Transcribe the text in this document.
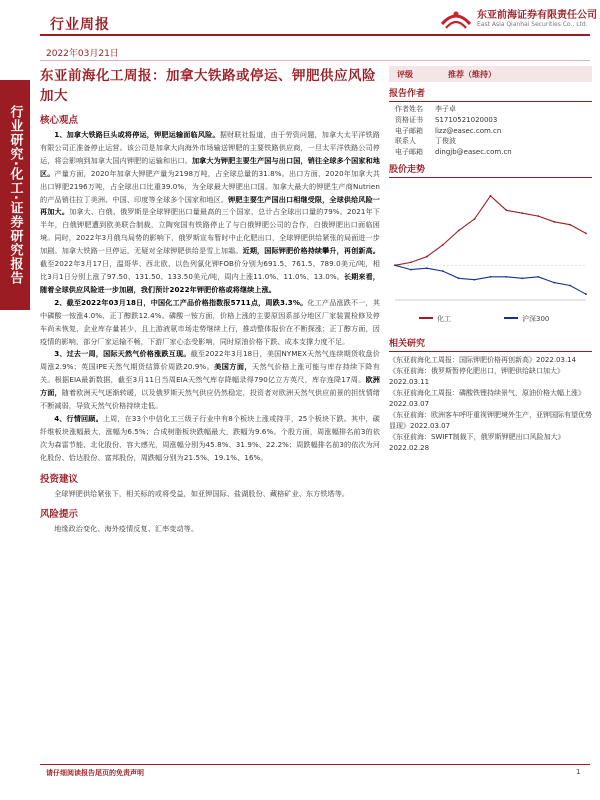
行业研究·化工·证券研究报告
行业周报
东亚前海证券有限责任公司
East Asia Qianhai Securities Co., Ltd.
2022年03月21日
东亚前海化工周报：加拿大铁路或停运、钾肥供应风险加大
核心观点

1、加拿大铁路巨头或将停运，钾肥运输面临风险。据财联社报道，由于劳资问题，加拿大太平洋铁路有限公司正准备停止运营。该公司是加拿大向海外市场输送钾肥的主要铁路供应商，一旦太平洋铁路公司停运，将会影响到加拿大国内钾肥的运输和出口。加拿大为钾肥主要生产国与出口国，销往全球多个国家和地区。产量方面，2020年加拿大钾肥产量为2198万吨，占全球总量的31.8%。出口方面，2020年加拿大共出口钾肥2196万吨，占全球出口比重39.0%，为全球最大钾肥出口国。加拿大最大的钾肥生产商Nutrien的产品销往拉丁美洲、中国、印度等全球多个国家和地区。钾肥主要生产国出口相继受限，全球供给风险一再加大。加拿大、白俄、俄罗斯是全球钾肥出口量最高的三个国家，总计占全球出口量的79%。2021年下半年，白俄钾肥遭到欧美联合制裁，立陶宛国有铁路停止了与白俄钾肥公司的合作，白俄钾肥出口面临困境。同时，2022年3月俄乌局势的影响下，俄罗斯宣布暂时中止化肥出口，全球钾肥供给紧张的局面进一步加剧。加拿大铁路一旦停运，无疑对全球钾肥供给是雪上加霜。近期，国际钾肥价格持续攀升，再创新高。截至2022年3月17日，温哥华、西北欧、以色列氯化钾FOB价分别为691.5、761.5、789.0美元/吨，相比3月1日分别上涨了97.50、131.50、133.50美元/吨，周内上涨11.0%、11.0%、13.0%。长期来看，随着全球供应风险进一步加剧，我们预计2022年钾肥价格或将继续上涨。

2、截至2022年03月18日，中国化工产品价格指数报5711点，周跌3.3%。化工产品涨跌不一，其中磷酸一铵涨4.0%、正丁醇跌12.4%。磷酸一铵方面，价格上涨的主要原因系部分地区厂家装置检修及停车尚未恢复，企业库存量甚少，且上游液氨市场走势继续上行，推动整体报价在不断探涨；正丁醇方面，因疫情的影响，部分厂家运输不畅，下游厂家心态受影响，同时原油价格下跌、成本支撑力度不足。

3、过去一周，国际天然气价格涨跌互现。截至2022年3月18日，美国NYMEX天然气连续期货收盘价周涨2.9%；英国IPE天然气期货结算价周跌20.9%。美国方面，天然气价格上涨可能与库存持续下降有关。根据EIA最新数据，截至3月11日当周EIA天然气库存降幅录得790亿立方英尺，库存连降17周。欧洲方面，随着欧洲天气逐渐转暖，以及俄罗斯天然气供应仍然稳定，投资者对欧洲天然气供应前景的担忧情绪不断减弱，导致天然气价格持续走低。

4、行情回顾。上周，在33个中信化工三级子行业中有8个板块上涨或持平，25个板块下跌。其中，碳纤维板块涨幅最大，涨幅为6.5%；合成树脂板块跌幅最大，跌幅为9.6%。个股方面，周涨幅排名前3的依次为森雷节能、北化股份、容大感光，周涨幅分别为45.8%、31.9%、22.2%；周跌幅排名前3的依次为河化股份、恰达股份、富邦股份，周跌幅分别为21.5%、19.1%、16%。

投资建议

全球钾肥供给紧张下，相关标的或将受益，如亚钾国际、盐湖股份、藏格矿业、东方铁塔等。

风险提示

地缘政治变化、海外疫情反复、汇率变动等。

评级	推荐（维持）
报告作者
作者姓名	李子卓
资格证书	S1710521020003
电子邮箱	lizz@easec.com.cn
联系人	丁俊波
电子邮箱	dingjb@easec.com.cn
股价走势
化工	沪深300
相关研究
《东亚前海化工周报：国际钾肥价格再创新高》2022.03.14
《东亚前海：俄罗斯暂停化肥出口，钾肥供给缺口加大》2022.03.11
《东亚前海化工周报：磷酸铁锂持续景气，原油价格大幅上涨》2022.03.07
《东亚前海：欧洲客车呼吁重视钾肥境外生产，亚钾国际有望优势显现》2022.03.07
《东亚前海：SWIFT制裁下，俄罗斯钾肥出口风险加大》2022.02.28
请仔细阅读报告尾页的免责声明	1
